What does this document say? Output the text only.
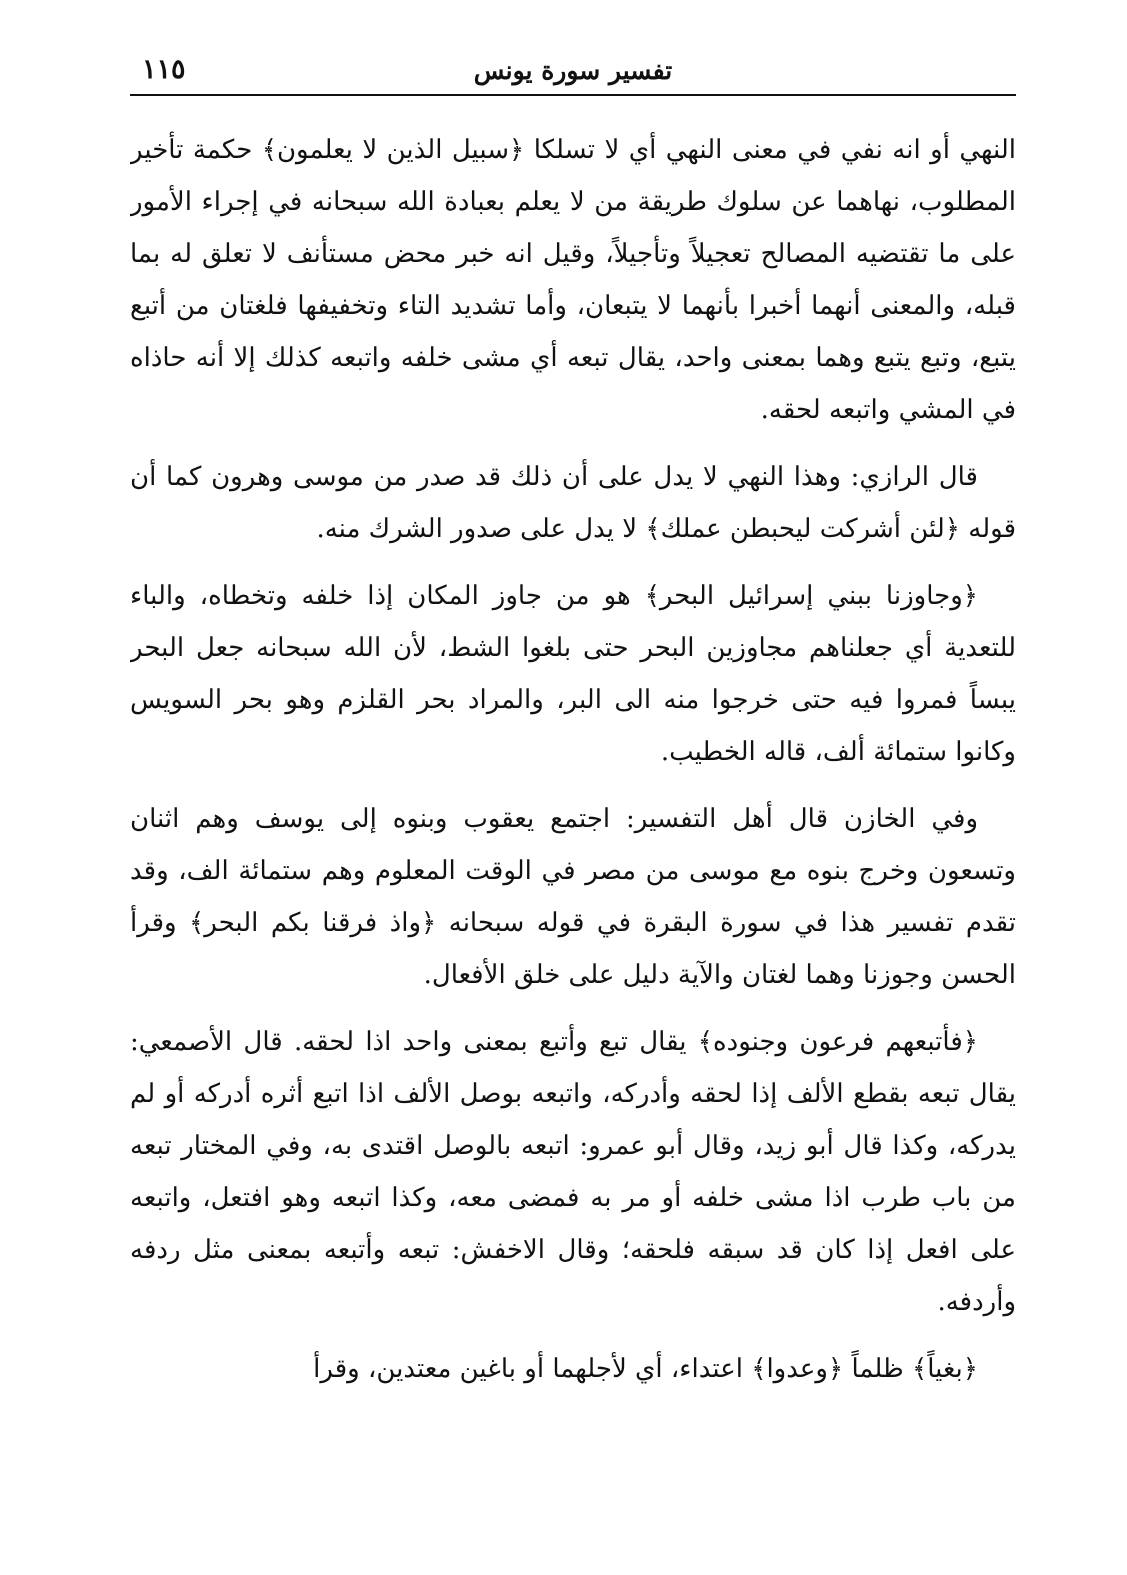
تفسير سورة يونس
١١٥

النهي أو انه نفي في معنى النهي أي لا تسلكا ﴿سبيل الذين لا يعلمون﴾ حكمة تأخير المطلوب، نهاهما عن سلوك طريقة من لا يعلم بعبادة الله سبحانه في إجراء الأمور على ما تقتضيه المصالح تعجيلاً وتأجيلاً، وقيل انه خبر محض مستأنف لا تعلق له بما قبله، والمعنى أنهما أخبرا بأنهما لا يتبعان، وأما تشديد التاء وتخفيفها فلغتان من أتبع يتبع، وتبع يتبع وهما بمعنى واحد، يقال تبعه أي مشى خلفه واتبعه كذلك إلا أنه حاذاه في المشي واتبعه لحقه.

قال الرازي: وهذا النهي لا يدل على أن ذلك قد صدر من موسى وهرون كما أن قوله ﴿لئن أشركت ليحبطن عملك﴾ لا يدل على صدور الشرك منه.

﴿وجاوزنا ببني إسرائيل البحر﴾ هو من جاوز المكان إذا خلفه وتخطاه، والباء للتعدية أي جعلناهم مجاوزين البحر حتى بلغوا الشط، لأن الله سبحانه جعل البحر يبساً فمروا فيه حتى خرجوا منه الى البر، والمراد بحر القلزم وهو بحر السويس وكانوا ستمائة ألف، قاله الخطيب.

وفي الخازن قال أهل التفسير: اجتمع يعقوب وبنوه إلى يوسف وهم اثنان وتسعون وخرج بنوه مع موسى من مصر في الوقت المعلوم وهم ستمائة الف، وقد تقدم تفسير هذا في سورة البقرة في قوله سبحانه ﴿واذ فرقنا بكم البحر﴾ وقرأ الحسن وجوزنا وهما لغتان والآية دليل على خلق الأفعال.

﴿فأتبعهم فرعون وجنوده﴾ يقال تبع وأتبع بمعنى واحد اذا لحقه. قال الأصمعي: يقال تبعه بقطع الألف إذا لحقه وأدركه، واتبعه بوصل الألف اذا اتبع أثره أدركه أو لم يدركه، وكذا قال أبو زيد، وقال أبو عمرو: اتبعه بالوصل اقتدى به، وفي المختار تبعه من باب طرب اذا مشى خلفه أو مر به فمضى معه، وكذا اتبعه وهو افتعل، واتبعه على افعل إذا كان قد سبقه فلحقه؛ وقال الاخفش: تبعه وأتبعه بمعنى مثل ردفه وأردفه.

﴿بغياً﴾ ظلماً ﴿وعدوا﴾ اعتداء، أي لأجلهما أو باغين معتدين، وقرأ
